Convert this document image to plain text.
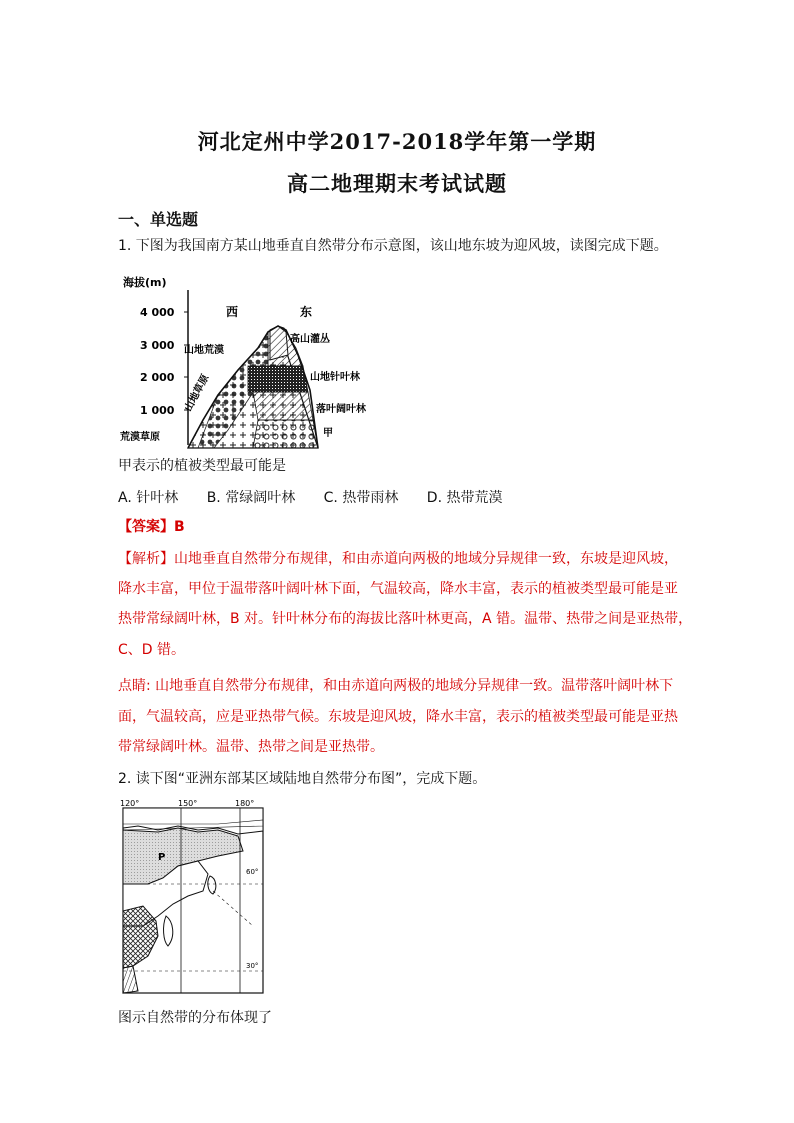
河北定州中学2017-2018学年第一学期
高二地理期末考试试题
一、单选题
1. 下图为我国南方某山地垂直自然带分布示意图，该山地东坡为迎风坡，读图完成下题。
海拔(m)
4 000
3 000
2 000
1 000
西	东
山地荒漠
高山灌丛
山地针叶林
落叶阔叶林
甲
荒漠草原
山地草原
甲表示的植被类型最可能是
A. 针叶林 B. 常绿阔叶林 C. 热带雨林 D. 热带荒漠
【答案】B
【解析】山地垂直自然带分布规律，和由赤道向两极的地域分异规律一致，东坡是迎风坡，
降水丰富，甲位于温带落叶阔叶林下面，气温较高，降水丰富，表示的植被类型最可能是亚
热带常绿阔叶林，B 对。针叶林分布的海拔比落叶林更高，A 错。温带、热带之间是亚热带，
C、D 错。
点睛: 山地垂直自然带分布规律，和由赤道向两极的地域分异规律一致。温带落叶阔叶林下
面，气温较高，应是亚热带气候。东坡是迎风坡，降水丰富，表示的植被类型最可能是亚热
带常绿阔叶林。温带、热带之间是亚热带。
2. 读下图“亚洲东部某区域陆地自然带分布图”，完成下题。
120°	150°	180°
60°
30°
P
图示自然带的分布体现了
